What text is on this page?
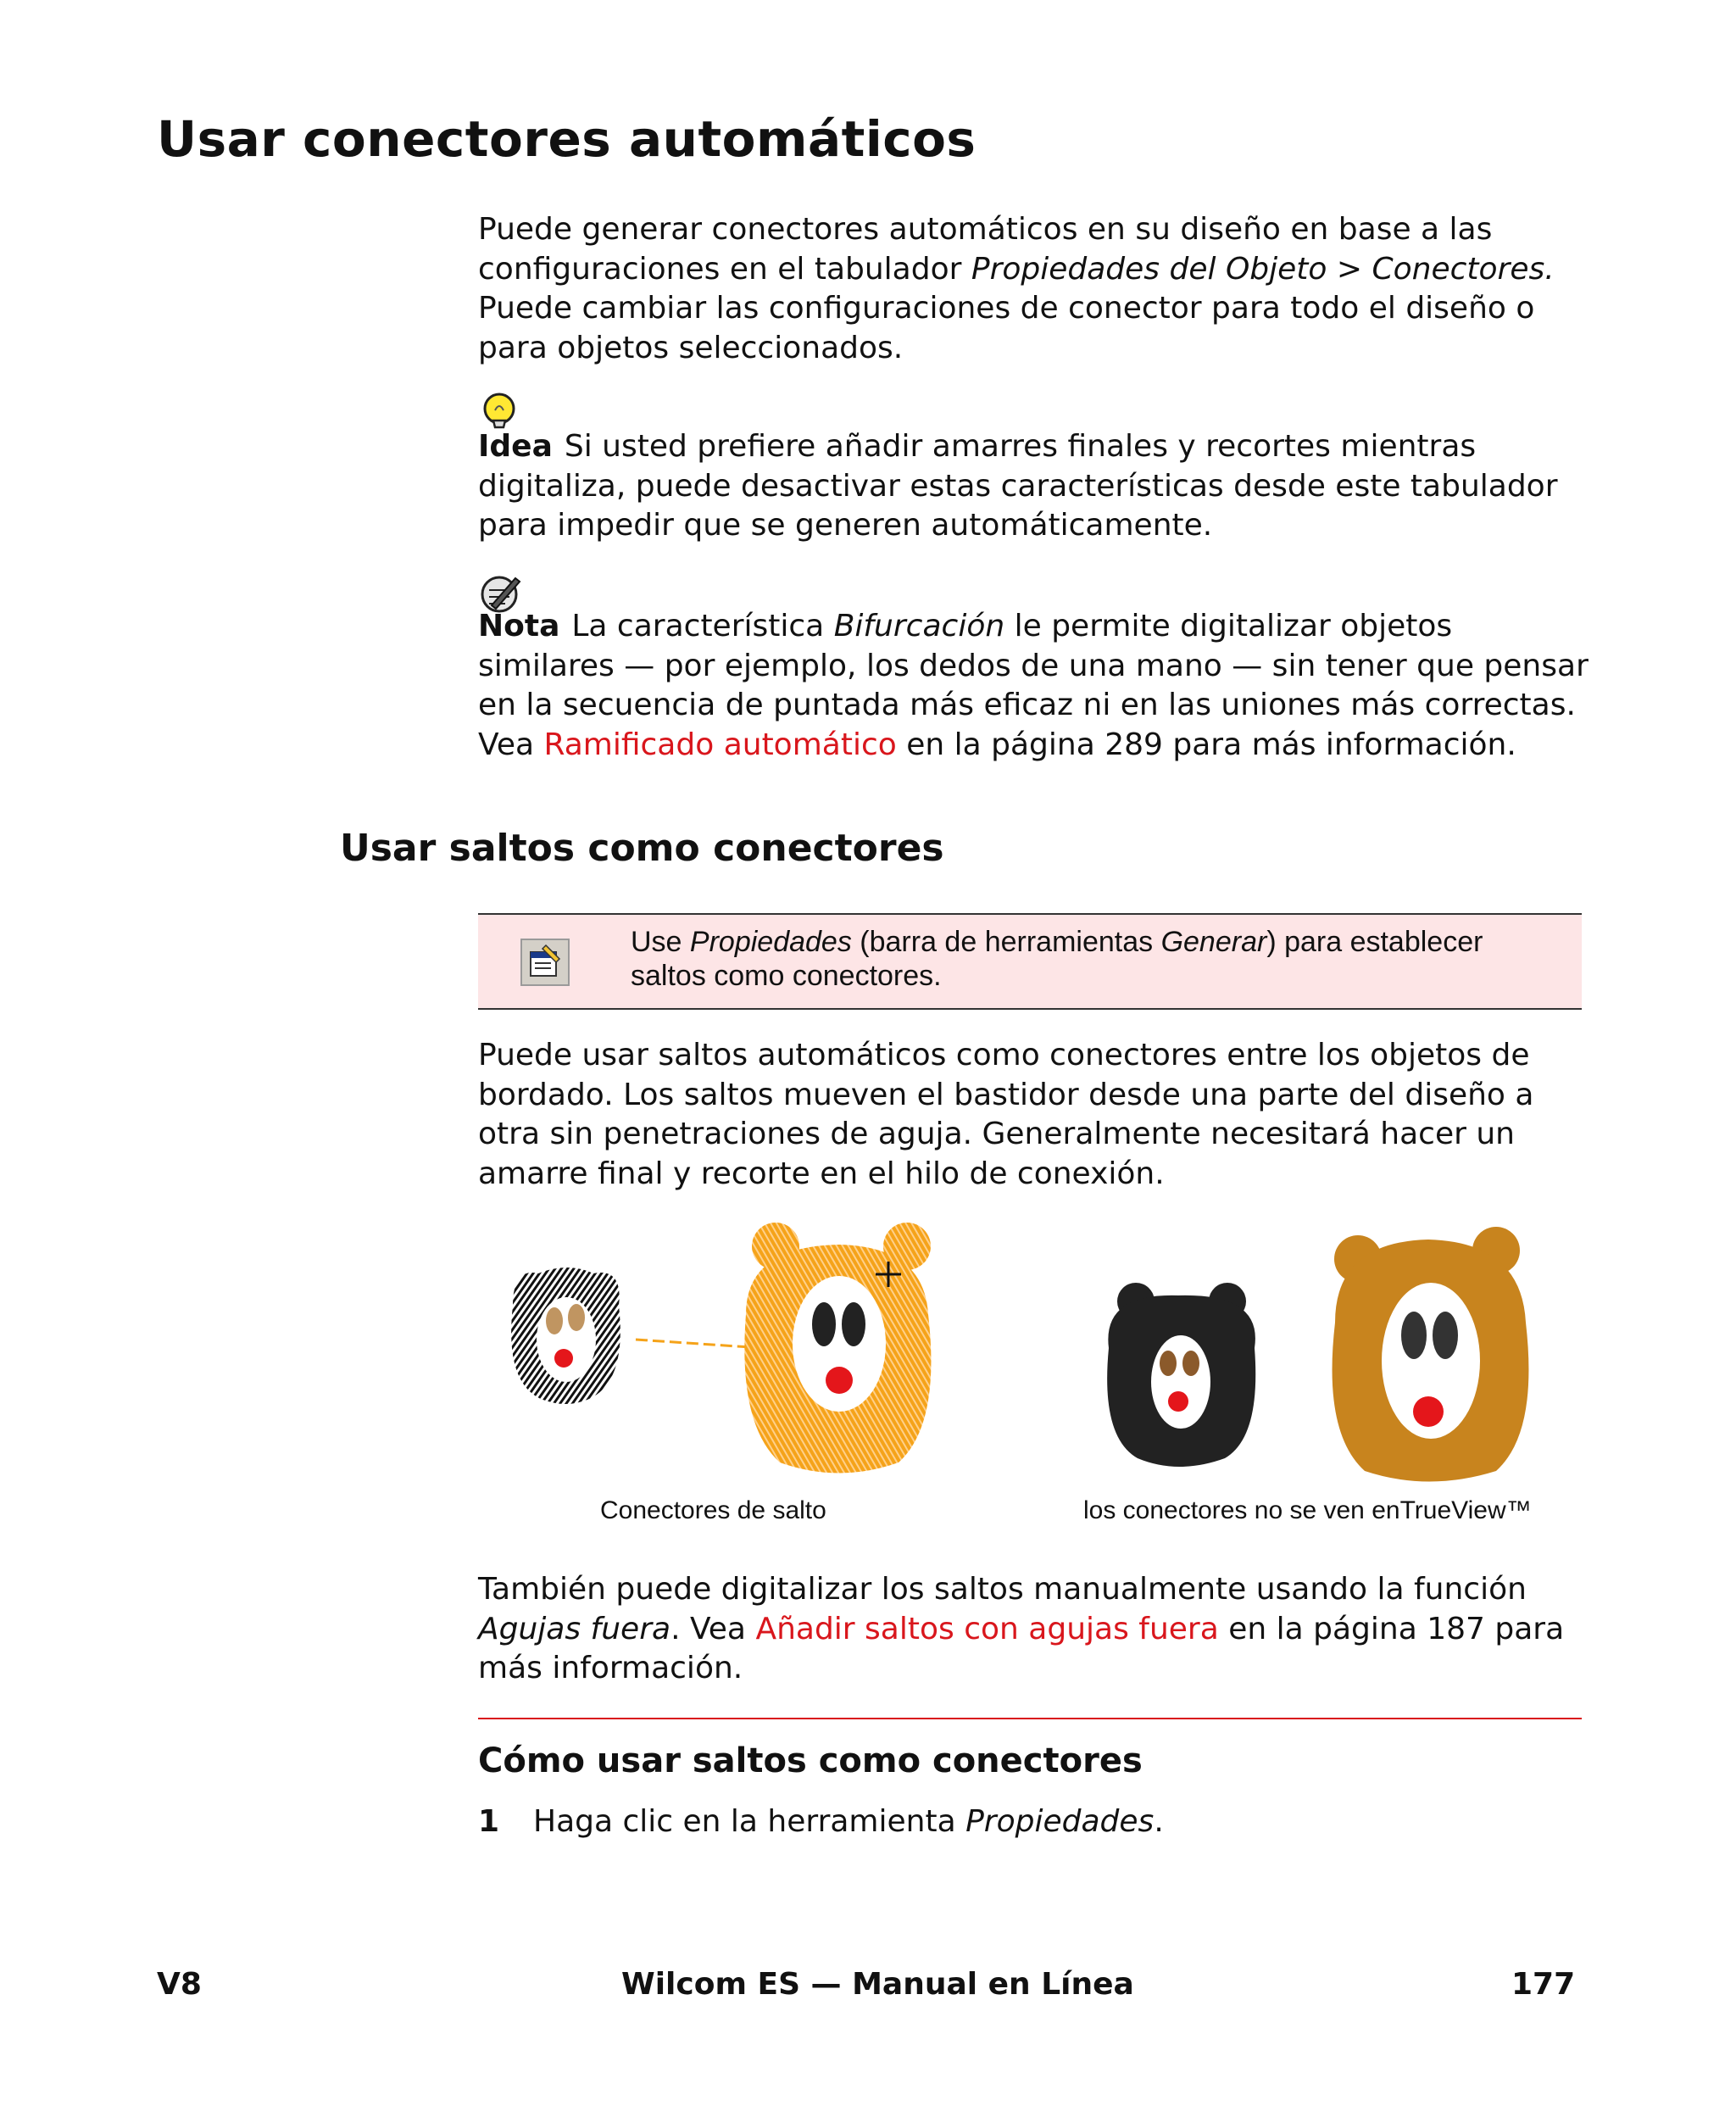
Usar conectores automáticos
Puede generar conectores automáticos en su diseño en base a las configuraciones en el tabulador Propiedades del Objeto > Conectores. Puede cambiar las configuraciones de conector para todo el diseño o para objetos seleccionados.
Idea Si usted prefiere añadir amarres finales y recortes mientras digitaliza, puede desactivar estas características desde este tabulador para impedir que se generen automáticamente.
Nota La característica Bifurcación le permite digitalizar objetos similares — por ejemplo, los dedos de una mano — sin tener que pensar en la secuencia de puntada más eficaz ni en las uniones más correctas. Vea Ramificado automático en la página 289 para más información.
Usar saltos como conectores
Use Propiedades (barra de herramientas Generar) para establecer saltos como conectores.
Puede usar saltos automáticos como conectores entre los objetos de bordado. Los saltos mueven el bastidor desde una parte del diseño a otra sin penetraciones de aguja. Generalmente necesitará hacer un amarre final y recorte en el hilo de conexión.
Conectores de salto	los conectores no se ven enTrueView™
También puede digitalizar los saltos manualmente usando la función Agujas fuera. Vea Añadir saltos con agujas fuera en la página 187 para más información.
Cómo usar saltos como conectores
1 Haga clic en la herramienta Propiedades.
V8	Wilcom ES — Manual en Línea	177
